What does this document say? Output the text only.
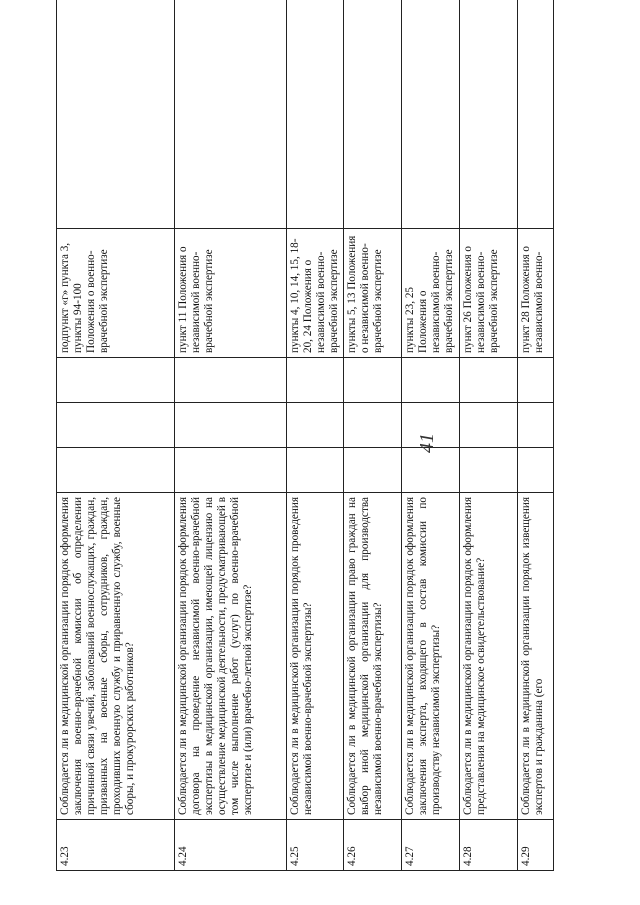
4.23	Соблюдается ли в медицинской организации порядок оформления заключения военно-врачебной комиссии об определении причинной связи увечий, заболеваний военнослужащих, граждан, призванных на военные сборы, сотрудников, граждан, проходивших военную службу и приравненную службу, военные сборы, и прокурорских работников?				подпункт «г» пункта 3, пункты 94-100 Положения о военно-врачебной экспертизе	
4.24	Соблюдается ли в медицинской организации порядок оформления договора на проведение независимой военно-врачебной экспертизы в медицинской организации, имеющей лицензию на осуществление медицинской деятельности, предусматривающей в том числе выполнение работ (услуг) по военно-врачебной экспертизе и (или) врачебно-летной экспертизе?				пункт 11 Положения о независимой военно-врачебной экспертизе	
4.25	Соблюдается ли в медицинской организации порядок проведения независимой военно-врачебной экспертизы?				пункты 4, 10, 14, 15, 18-20, 24 Положения о независимой военно-врачебной экспертизе	
4.26	Соблюдается ли в медицинской организации право граждан на выбор иной медицинской организации для производства независимой военно-врачебной экспертизы?				пункты 5, 13 Положения о независимой военно-врачебной экспертизе	
4.27	Соблюдается ли в медицинской организации порядок оформления заключения эксперта, входящего в состав комиссии по производству независимой экспертизы?				пункты 23, 25 Положения о независимой военно-врачебной экспертизе	
4.28	Соблюдается ли в медицинской организации порядок оформления представления на медицинское освидетельствование?				пункт 26 Положения о независимой военно-врачебной экспертизе	
4.29	Соблюдается ли в медицинской организации порядок извещения экспертов и гражданина (его				пункт 28 Положения о независимой военно-	
41
